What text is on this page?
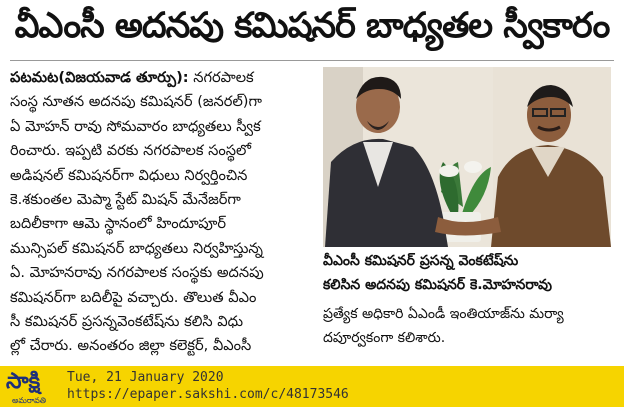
వీఎంసీ అదనపు కమిషనర్ బాధ్యతల స్వీకారం
పటమట(విజయవాడ తూర్పు): నగరపాలక
సంస్థ నూతన అదనపు కమిషనర్ (జనరల్)గా
ఏ మోహన్ రావు సోమవారం బాధ్యతలు స్వీక
రించారు. ఇప్పటి వరకు నగరపాలక సంస్థలో
అడిషనల్ కమిషనర్‌గా విధులు నిర్వర్తించిన
కె.శకుంతల మెప్మా స్టేట్ మిషన్ మేనేజర్‌గా
బదిలీకాగా ఆమె స్థానంలో హిందూపూర్
మున్సిపల్ కమిషనర్ బాధ్యతలు నిర్వహిస్తున్న
ఏ. మోహనరావు నగరపాలక సంస్థకు అదనపు
కమిషనర్‌గా బదిలీపై వచ్చారు. తొలుత వీఎం
సీ కమిషనర్ ప్రసన్నవెంకటేష్‌ను కలిసి విధు
ల్లో చేరారు. అనంతరం జిల్లా కలెక్టర్, వీఎంసీ
వీఎంసీ కమిషనర్ ప్రసన్న వెంకటేష్‌ను
కలిసిన అదనపు కమిషనర్ కె.మోహనరావు
ప్రత్యేక అధికారి ఏఎండీ ఇంతియాజ్‌ను మర్యా
దపూర్వకంగా కలిశారు.
సాక్షి
అమరావతి
Tue, 21 January 2020
https://epaper.sakshi.com/c/48173546
